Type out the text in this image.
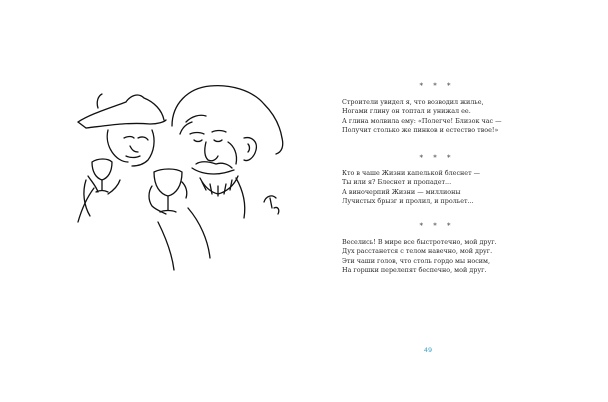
* * *
Строители увидел я, что возводил жилье,
Ногами глину он топтал и унижал ее.
А глина молвила ему: «Полегче! Близок час —
Получит столько же пинков и естество твое!»
* * *
Кто в чаше Жизни капелькой блеснет —
Ты или я? Блеснет и пропадет...
А виночерпий Жизни — миллионы
Лучистых брызг и пролил, и прольет...
* * *
Веселись! В мире все быстротечно, мой друг.
Дух расстанется с телом навечно, мой друг.
Эти чаши голов, что столь гордо мы носим,
На горшки перелепят беспечно, мой друг.
49
